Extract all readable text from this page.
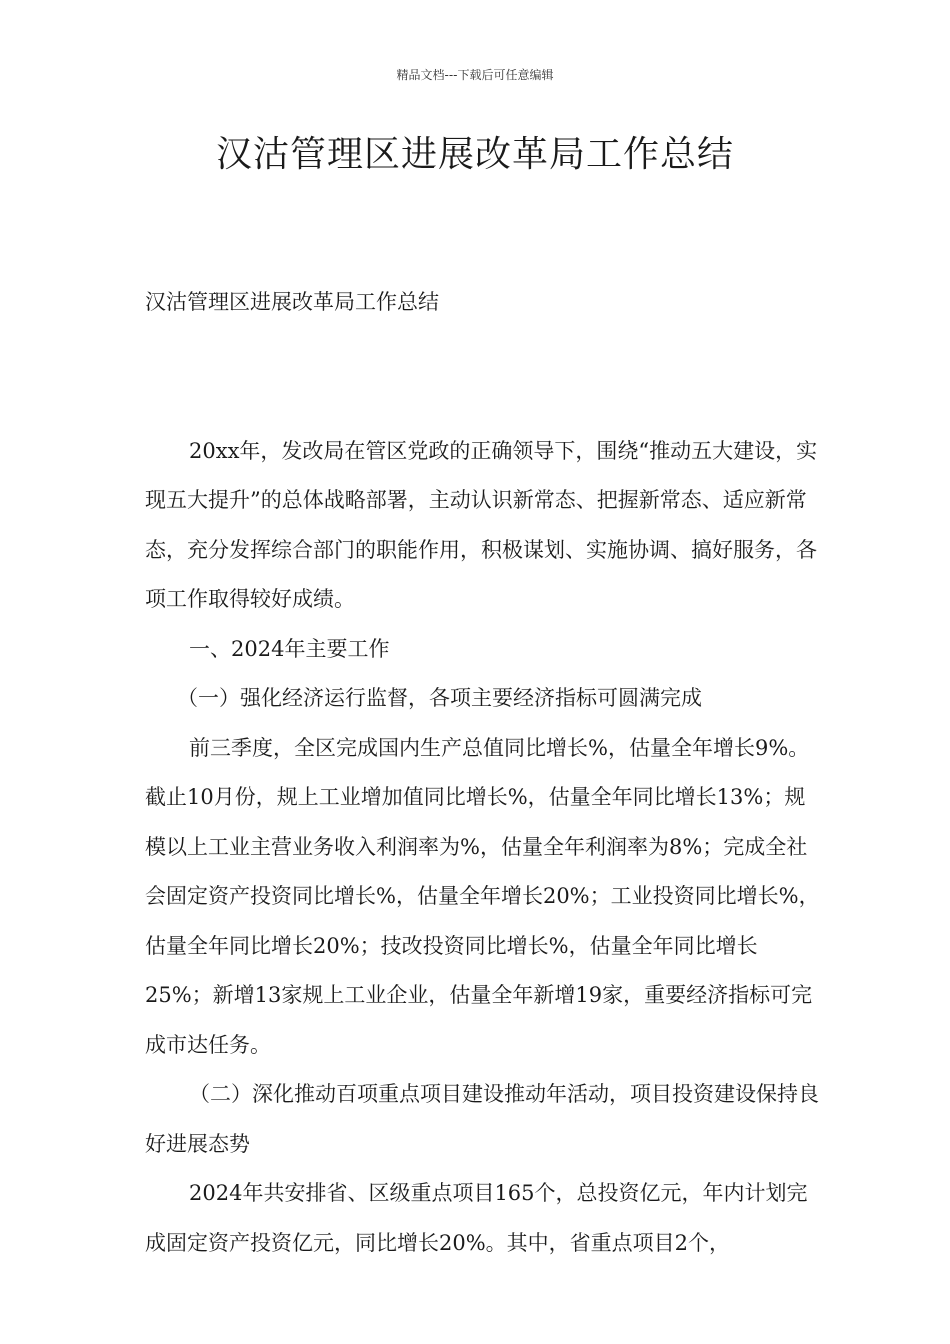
精品文档---下载后可任意编辑
汉沽管理区进展改革局工作总结

汉沽管理区进展改革局工作总结

20xx年，发改局在管区党政的正确领导下，围绕“推动五大建设，实现五大提升”的总体战略部署，主动认识新常态、把握新常态、适应新常态，充分发挥综合部门的职能作用，积极谋划、实施协调、搞好服务，各项工作取得较好成绩。

一、2024年主要工作

（一）强化经济运行监督，各项主要经济指标可圆满完成

前三季度，全区完成国内生产总值同比增长%，估量全年增长9%。截止10月份，规上工业增加值同比增长%，估量全年同比增长13%；规模以上工业主营业务收入利润率为%，估量全年利润率为8%；完成全社会固定资产投资同比增长%，估量全年增长20%；工业投资同比增长%，估量全年同比增长20%；技改投资同比增长%，估量全年同比增长25%；新增13家规上工业企业，估量全年新增19家，重要经济指标可完成市达任务。

（二）深化推动百项重点项目建设推动年活动，项目投资建设保持良好进展态势

2024年共安排省、区级重点项目165个，总投资亿元，年内计划完成固定资产投资亿元，同比增长20%。其中，省重点项目2个，
